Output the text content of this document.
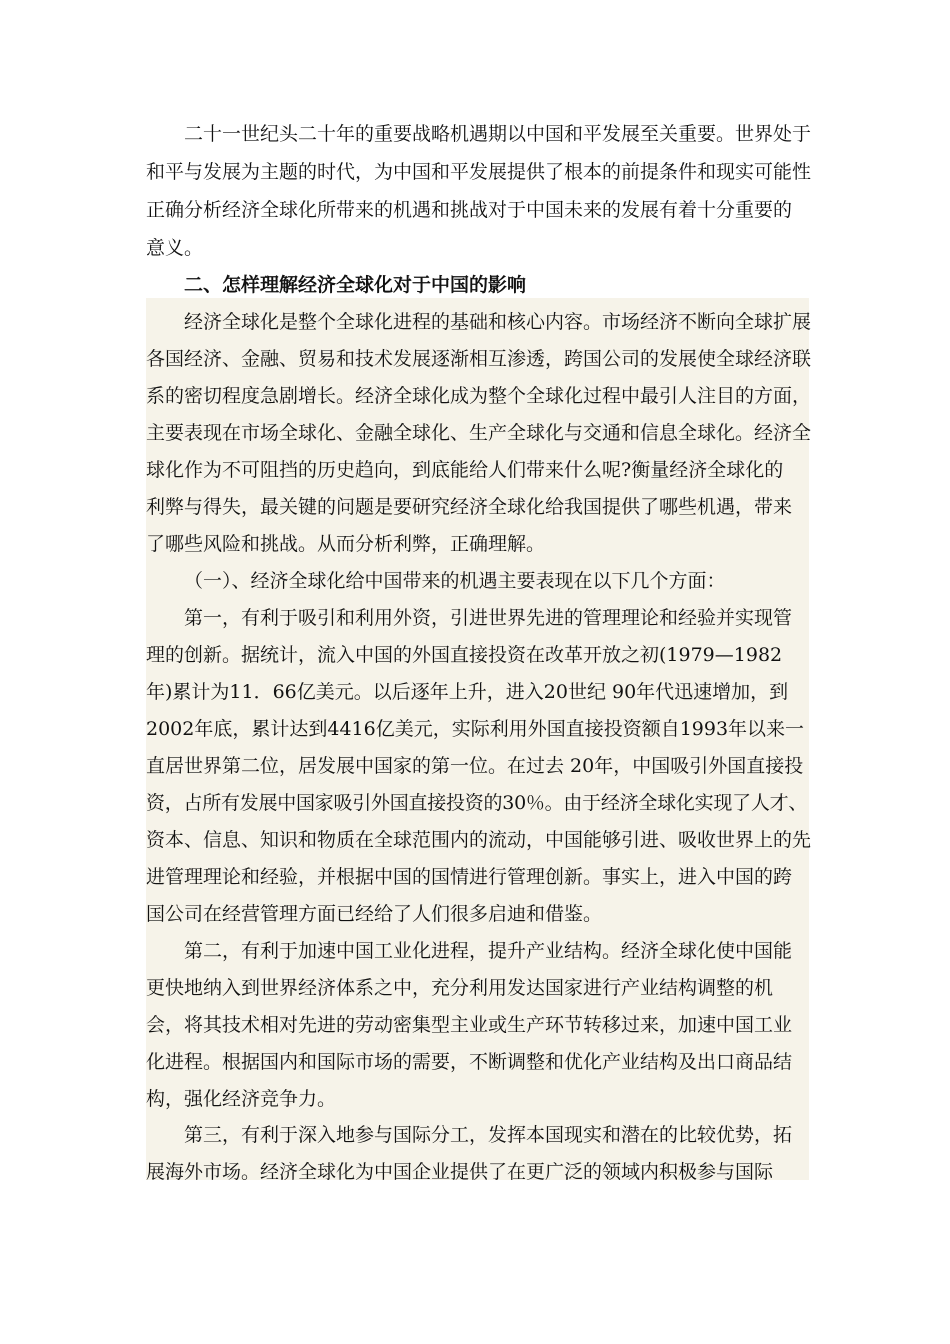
二十一世纪头二十年的重要战略机遇期以中国和平发展至关重要。世界处于
和平与发展为主题的时代，为中国和平发展提供了根本的前提条件和现实可能性
正确分析经济全球化所带来的机遇和挑战对于中国未来的发展有着十分重要的
意义。
二、怎样理解经济全球化对于中国的影响
经济全球化是整个全球化进程的基础和核心内容。市场经济不断向全球扩展
各国经济、金融、贸易和技术发展逐渐相互渗透，跨国公司的发展使全球经济联
系的密切程度急剧增长。经济全球化成为整个全球化过程中最引人注目的方面，
主要表现在市场全球化、金融全球化、生产全球化与交通和信息全球化。经济全
球化作为不可阻挡的历史趋向，到底能给人们带来什么呢?衡量经济全球化的
利弊与得失，最关键的问题是要研究经济全球化给我国提供了哪些机遇，带来
了哪些风险和挑战。从而分析利弊，正确理解。
（一）、经济全球化给中国带来的机遇主要表现在以下几个方面：
第一，有利于吸引和利用外资，引进世界先进的管理理论和经验并实现管
理的创新。据统计，流入中国的外国直接投资在改革开放之初(1979—1982
年)累计为11．66亿美元。以后逐年上升，进入20世纪 90年代迅速增加，到
2002年底，累计达到4416亿美元，实际利用外国直接投资额自1993年以来一
直居世界第二位，居发展中国家的第一位。在过去 20年，中国吸引外国直接投
资，占所有发展中国家吸引外国直接投资的30％。由于经济全球化实现了人才、
资本、信息、知识和物质在全球范围内的流动，中国能够引进、吸收世界上的先
进管理理论和经验，并根据中国的国情进行管理创新。事实上，进入中国的跨
国公司在经营管理方面已经给了人们很多启迪和借鉴。
第二，有利于加速中国工业化进程，提升产业结构。经济全球化使中国能
更快地纳入到世界经济体系之中，充分利用发达国家进行产业结构调整的机
会，将其技术相对先进的劳动密集型主业或生产环节转移过来，加速中国工业
化进程。根据国内和国际市场的需要，不断调整和优化产业结构及出口商品结
构，强化经济竞争力。
第三，有利于深入地参与国际分工，发挥本国现实和潜在的比较优势，拓
展海外市场。经济全球化为中国企业提供了在更广泛的领域内积极参与国际
